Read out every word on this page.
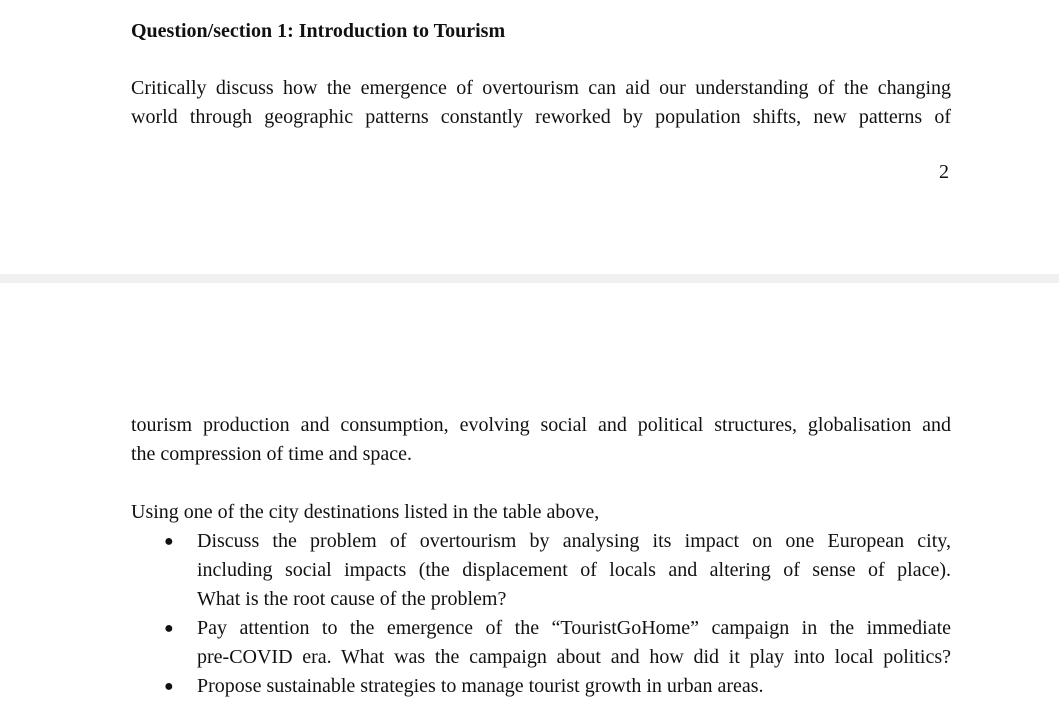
Question/section 1: Introduction to Tourism
Critically discuss how the emergence of overtourism can aid our understanding of the changing
world through geographic patterns constantly reworked by population shifts, new patterns of
2
tourism production and consumption, evolving social and political structures, globalisation and
the compression of time and space.
Using one of the city destinations listed in the table above,
● Discuss the problem of overtourism by analysing its impact on one European city,
including social impacts (the displacement of locals and altering of sense of place).
What is the root cause of the problem?
● Pay attention to the emergence of the “TouristGoHome” campaign in the immediate
pre-COVID era. What was the campaign about and how did it play into local politics?
● Propose sustainable strategies to manage tourist growth in urban areas.
